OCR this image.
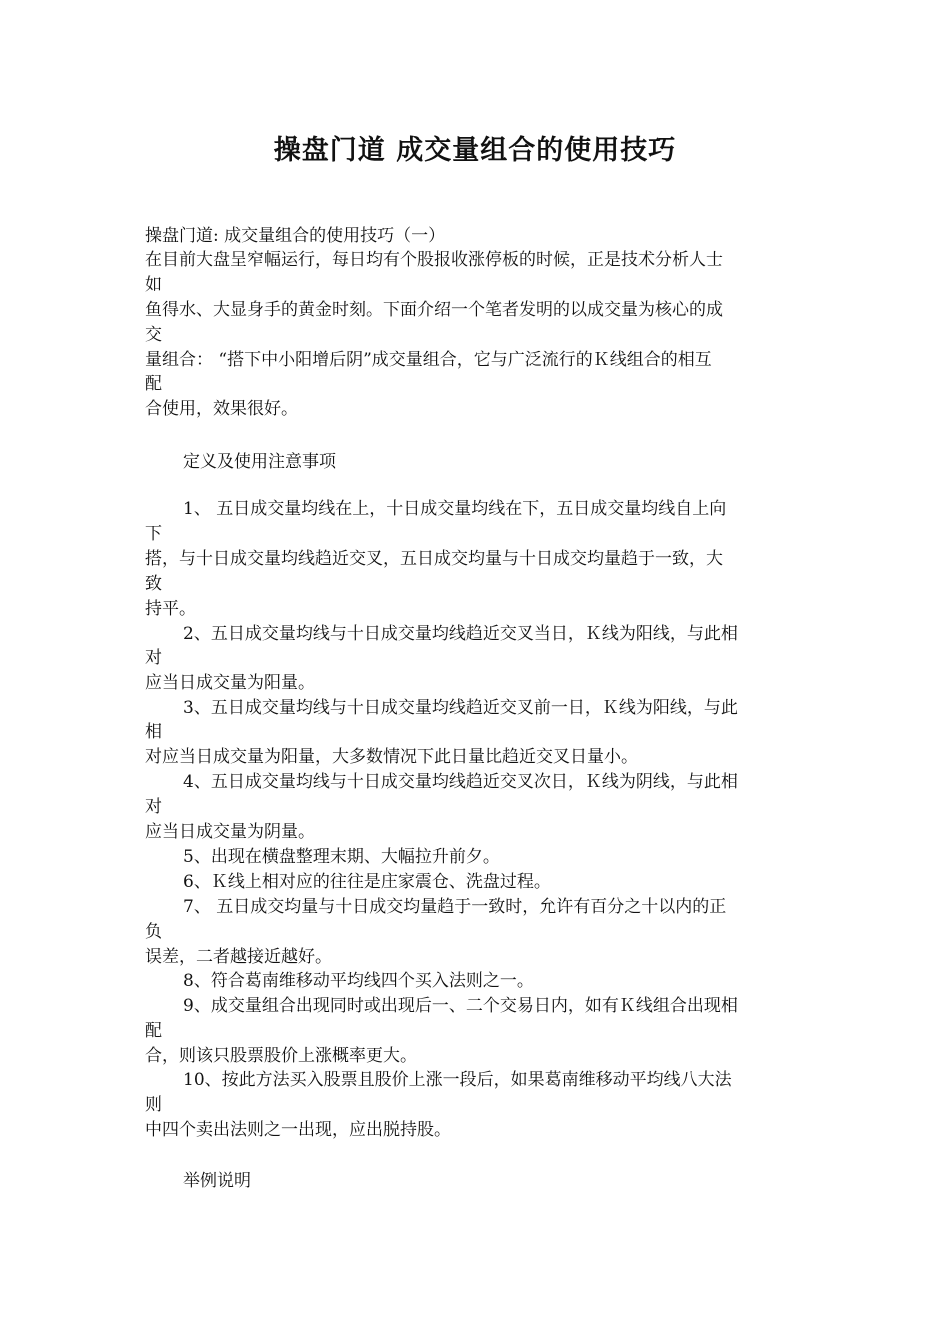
操盘门道 成交量组合的使用技巧
操盘门道: 成交量组合的使用技巧（一）
在目前大盘呈窄幅运行，每日均有个股报收涨停板的时候，正是技术分析人士
如
鱼得水、大显身手的黄金时刻。下面介绍一个笔者发明的以成交量为核心的成
交
量组合： “搭下中小阳增后阴”成交量组合，它与广泛流行的Ｋ线组合的相互
配
合使用，效果很好。
定义及使用注意事项
1、 五日成交量均线在上，十日成交量均线在下，五日成交量均线自上向
下
搭，与十日成交量均线趋近交叉，五日成交均量与十日成交均量趋于一致，大
致
持平。
2、五日成交量均线与十日成交量均线趋近交叉当日，Ｋ线为阳线，与此相
对
应当日成交量为阳量。
3、五日成交量均线与十日成交量均线趋近交叉前一日，Ｋ线为阳线，与此
相
对应当日成交量为阳量，大多数情况下此日量比趋近交叉日量小。
4、五日成交量均线与十日成交量均线趋近交叉次日，Ｋ线为阴线，与此相
对
应当日成交量为阴量。
5、出现在横盘整理末期、大幅拉升前夕。
6、Ｋ线上相对应的往往是庄家震仓、洗盘过程。
7、 五日成交均量与十日成交均量趋于一致时，允许有百分之十以内的正
负
误差，二者越接近越好。
8、符合葛南维移动平均线四个买入法则之一。
9、成交量组合出现同时或出现后一、二个交易日内，如有Ｋ线组合出现相
配
合，则该只股票股价上涨概率更大。
10、按此方法买入股票且股价上涨一段后，如果葛南维移动平均线八大法
则
中四个卖出法则之一出现，应出脱持股。
举例说明
